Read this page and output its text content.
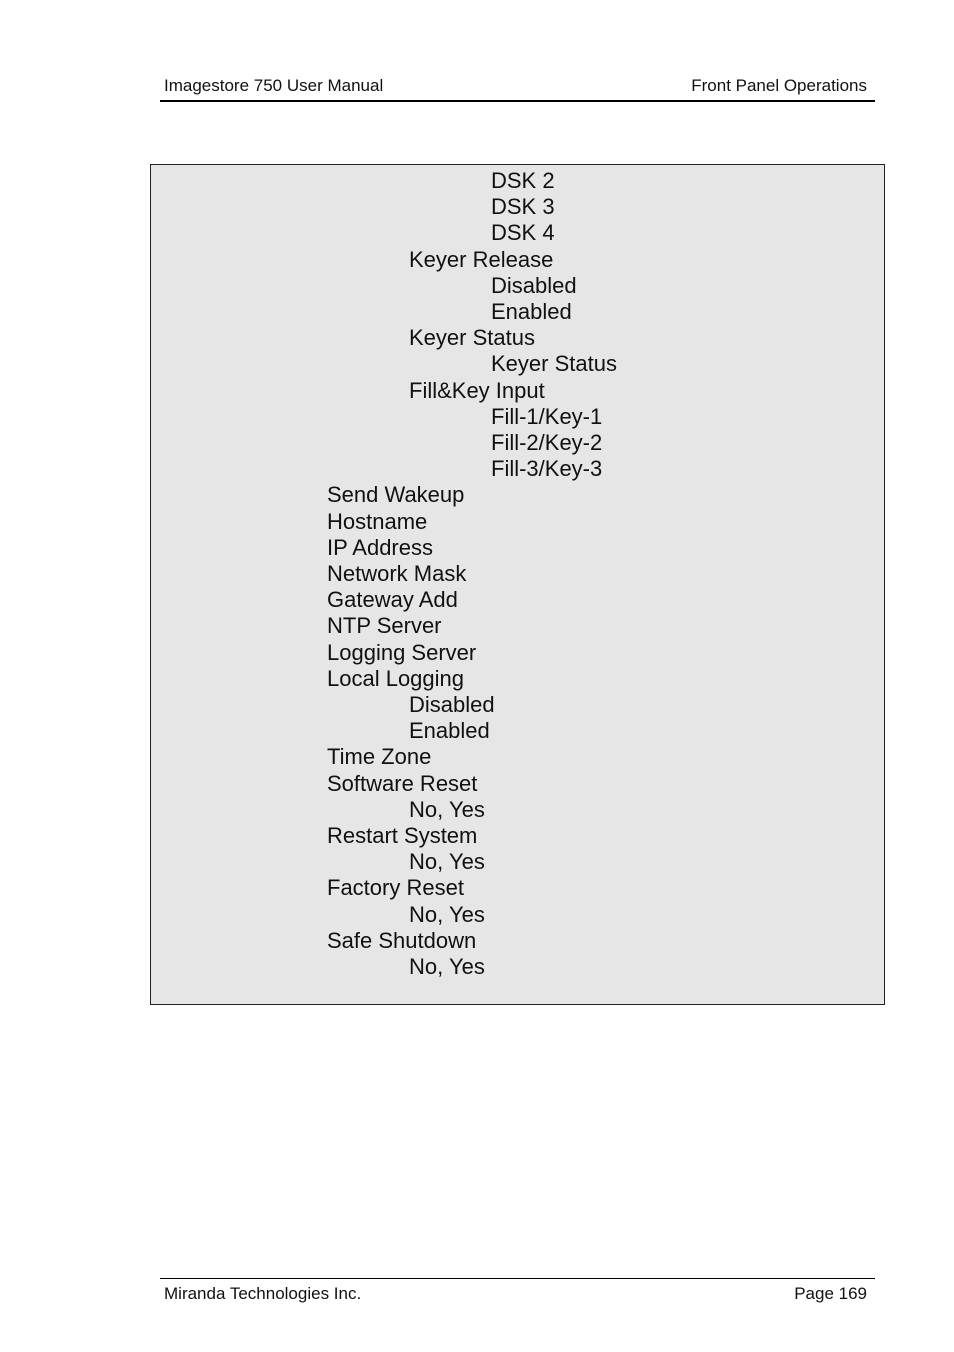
Imagestore 750 User Manual	Front Panel Operations
DSK 2
DSK 3
DSK 4
Keyer Release
Disabled
Enabled
Keyer Status
Keyer Status
Fill&Key Input
Fill-1/Key-1
Fill-2/Key-2
Fill-3/Key-3
Send Wakeup
Hostname
IP Address
Network Mask
Gateway Add
NTP Server
Logging Server
Local Logging
Disabled
Enabled
Time Zone
Software Reset
No, Yes
Restart System
No, Yes
Factory Reset
No, Yes
Safe Shutdown
No, Yes
Miranda Technologies Inc.	Page 169
